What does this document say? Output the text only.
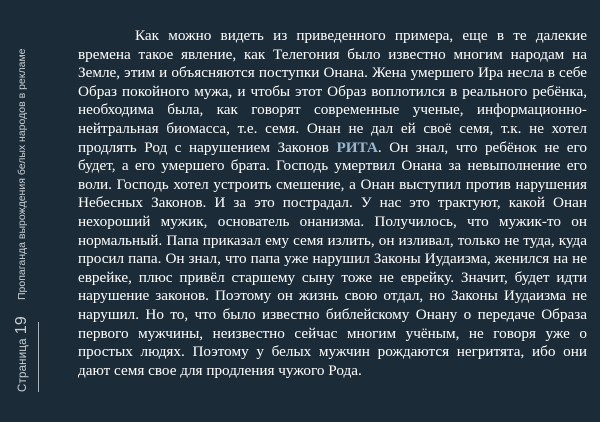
Страница19
Пропаганда вырождения белых народов в рекламе

Как можно видеть из приведенного примера, еще в те далекие времена такое явление, как Телегония было известно многим народам на Земле, этим и объясняются поступки Онана. Жена умершего Ира несла в себе Образ покойного мужа, и чтобы этот Образ воплотился в реального ребёнка, необходима была, как говорят современные ученые, информационно-нейтральная биомасса, т.е. семя. Онан не дал ей своё семя, т.к. не хотел продлять Род с нарушением Законов РИТА. Он знал, что ребёнок не его будет, а его умершего брата. Господь умертвил Онана за невыполнение его воли. Господь хотел устроить смешение, а Онан выступил против нарушения Небесных Законов. И за это пострадал. У нас это трактуют, какой Онан нехороший мужик, основатель онанизма. Получилось, что мужик-то он нормальный. Папа приказал ему семя излить, он изливал, только не туда, куда просил папа. Он знал, что папа уже нарушил Законы Иудаизма, женился на не еврейке, плюс привёл старшему сыну тоже не еврейку. Значит, будет идти нарушение законов. Поэтому он жизнь свою отдал, но Законы Иудаизма не нарушил. Но то, что было известно библейскому Онану о передаче Образа первого мужчины, неизвестно сейчас многим учёным, не говоря уже о простых людях. Поэтому у белых мужчин рождаются негритята, ибо они дают семя свое для продления чужого Рода.
